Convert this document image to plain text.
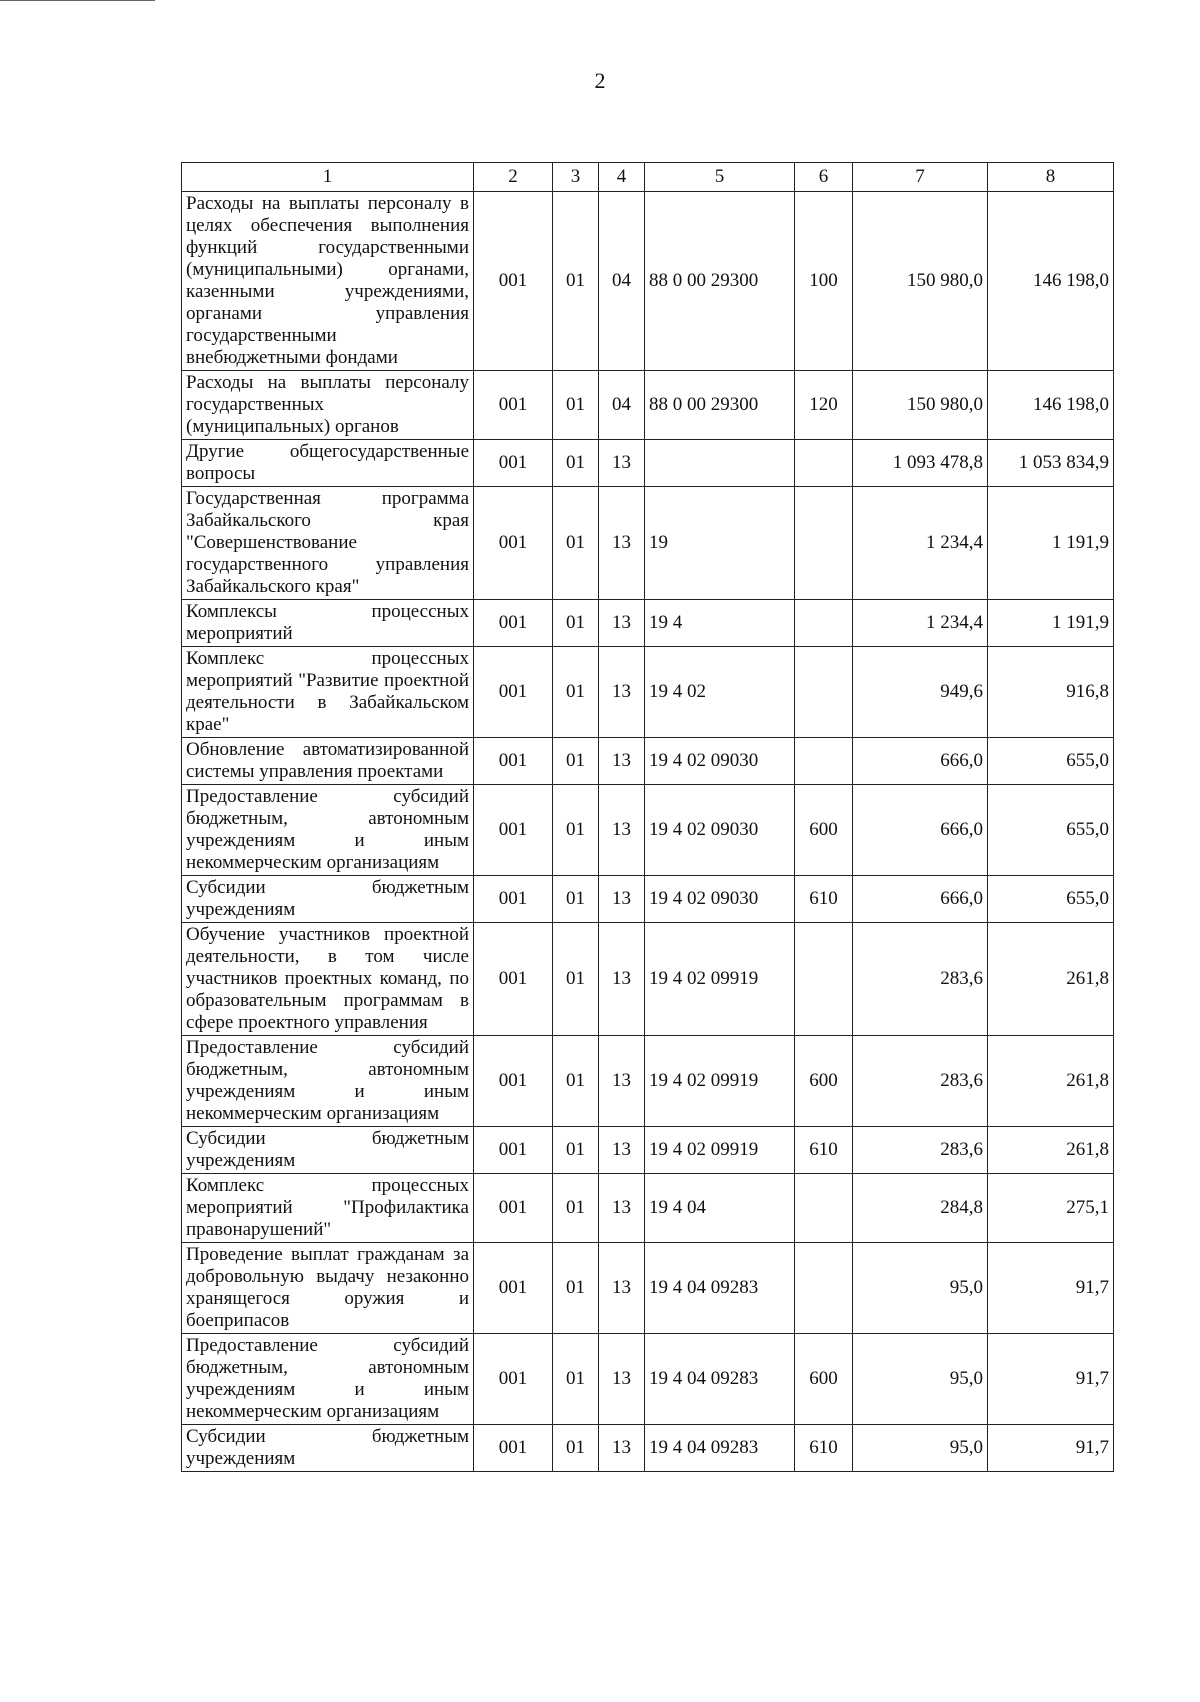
2
1	2	3	4	5	6	7	8
Расходы на выплаты персоналу в целях обеспечения выполнения функций государственными (муниципальными) органами, казенными учреждениями, органами управления государственными внебюджетными фондами	001	01	04	88 0 00 29300	100	150 980,0	146 198,0
Расходы на выплаты персоналу государственных (муниципальных) органов	001	01	04	88 0 00 29300	120	150 980,0	146 198,0
Другие общегосударственные вопросы	001	01	13			1 093 478,8	1 053 834,9
Государственная программа Забайкальского края "Совершенствование государственного управления Забайкальского края"	001	01	13	19		1 234,4	1 191,9
Комплексы процессных мероприятий	001	01	13	19 4		1 234,4	1 191,9
Комплекс процессных мероприятий "Развитие проектной деятельности в Забайкальском крае"	001	01	13	19 4 02		949,6	916,8
Обновление автоматизированной системы управления проектами	001	01	13	19 4 02 09030		666,0	655,0
Предоставление субсидий бюджетным, автономным учреждениям и иным некоммерческим организациям	001	01	13	19 4 02 09030	600	666,0	655,0
Субсидии бюджетным учреждениям	001	01	13	19 4 02 09030	610	666,0	655,0
Обучение участников проектной деятельности, в том числе участников проектных команд, по образовательным программам в сфере проектного управления	001	01	13	19 4 02 09919		283,6	261,8
Предоставление субсидий бюджетным, автономным учреждениям и иным некоммерческим организациям	001	01	13	19 4 02 09919	600	283,6	261,8
Субсидии бюджетным учреждениям	001	01	13	19 4 02 09919	610	283,6	261,8
Комплекс процессных мероприятий "Профилактика правонарушений"	001	01	13	19 4 04		284,8	275,1
Проведение выплат гражданам за добровольную выдачу незаконно хранящегося оружия и боеприпасов	001	01	13	19 4 04 09283		95,0	91,7
Предоставление субсидий бюджетным, автономным учреждениям и иным некоммерческим организациям	001	01	13	19 4 04 09283	600	95,0	91,7
Субсидии бюджетным учреждениям	001	01	13	19 4 04 09283	610	95,0	91,7
